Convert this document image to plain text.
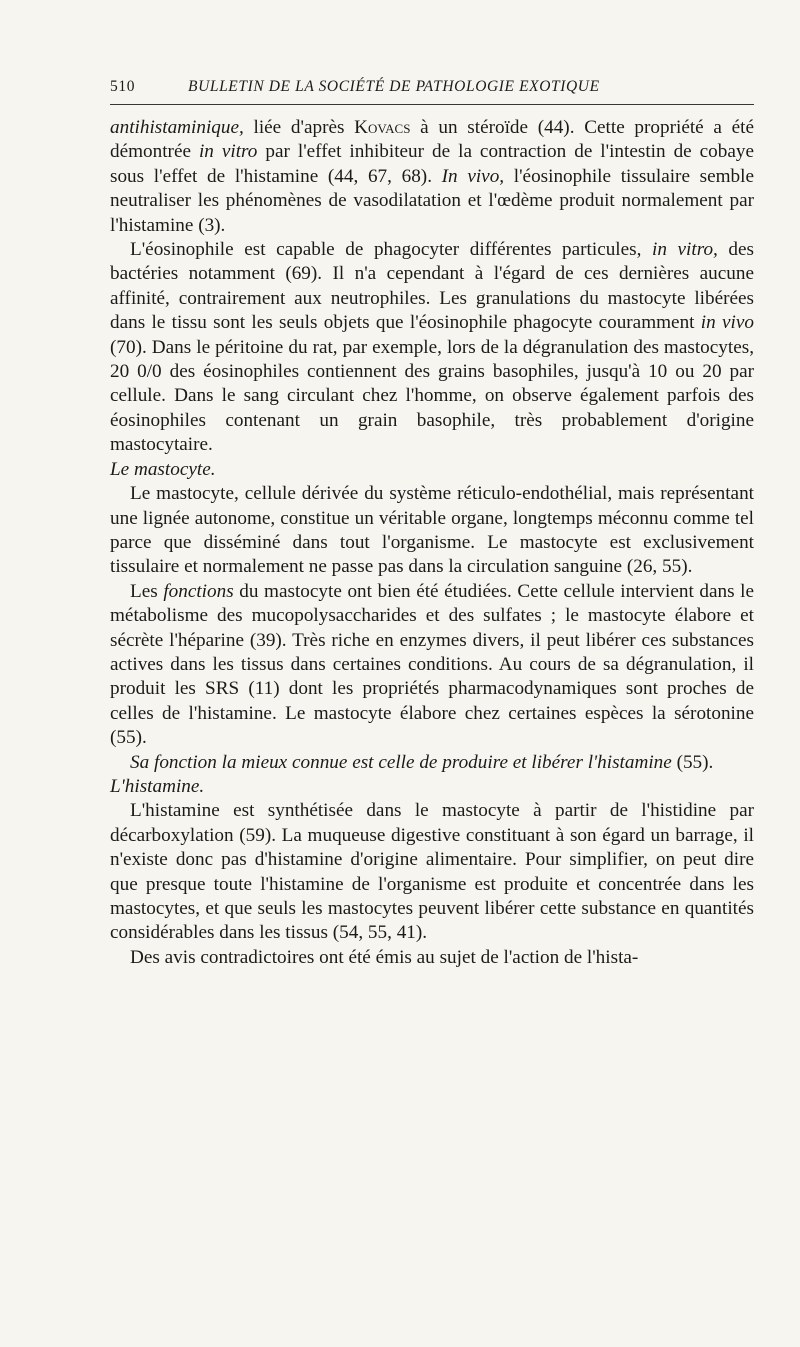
510	BULLETIN DE LA SOCIÉTÉ DE PATHOLOGIE EXOTIQUE

antihistaminique, liée d'après Kovacs à un stéroïde (44). Cette propriété a été démontrée in vitro par l'effet inhibiteur de la contraction de l'intestin de cobaye sous l'effet de l'histamine (44, 67, 68). In vivo, l'éosinophile tissulaire semble neutraliser les phénomènes de vasodilatation et l'œdème produit normalement par l'histamine (3).

L'éosinophile est capable de phagocyter différentes particules, in vitro, des bactéries notamment (69). Il n'a cependant à l'égard de ces dernières aucune affinité, contrairement aux neutrophiles. Les granulations du mastocyte libérées dans le tissu sont les seuls objets que l'éosinophile phagocyte couramment in vivo (70). Dans le péritoine du rat, par exemple, lors de la dégranulation des mastocytes, 20 0/0 des éosinophiles contiennent des grains basophiles, jusqu'à 10 ou 20 par cellule. Dans le sang circulant chez l'homme, on observe également parfois des éosinophiles contenant un grain basophile, très probablement d'origine mastocytaire.

Le mastocyte.

Le mastocyte, cellule dérivée du système réticulo-endothélial, mais représentant une lignée autonome, constitue un véritable organe, longtemps méconnu comme tel parce que disséminé dans tout l'organisme. Le mastocyte est exclusivement tissulaire et normalement ne passe pas dans la circulation sanguine (26, 55).

Les fonctions du mastocyte ont bien été étudiées. Cette cellule intervient dans le métabolisme des mucopolysaccharides et des sulfates ; le mastocyte élabore et sécrète l'héparine (39). Très riche en enzymes divers, il peut libérer ces substances actives dans les tissus dans certaines conditions. Au cours de sa dégranulation, il produit les SRS (11) dont les propriétés pharmacodynamiques sont proches de celles de l'histamine. Le mastocyte élabore chez certaines espèces la sérotonine (55).

Sa fonction la mieux connue est celle de produire et libérer l'histamine (55).

L'histamine.

L'histamine est synthétisée dans le mastocyte à partir de l'histidine par décarboxylation (59). La muqueuse digestive constituant à son égard un barrage, il n'existe donc pas d'histamine d'origine alimentaire. Pour simplifier, on peut dire que presque toute l'histamine de l'organisme est produite et concentrée dans les mastocytes, et que seuls les mastocytes peuvent libérer cette substance en quantités considérables dans les tissus (54, 55, 41).

Des avis contradictoires ont été émis au sujet de l'action de l'hista-
